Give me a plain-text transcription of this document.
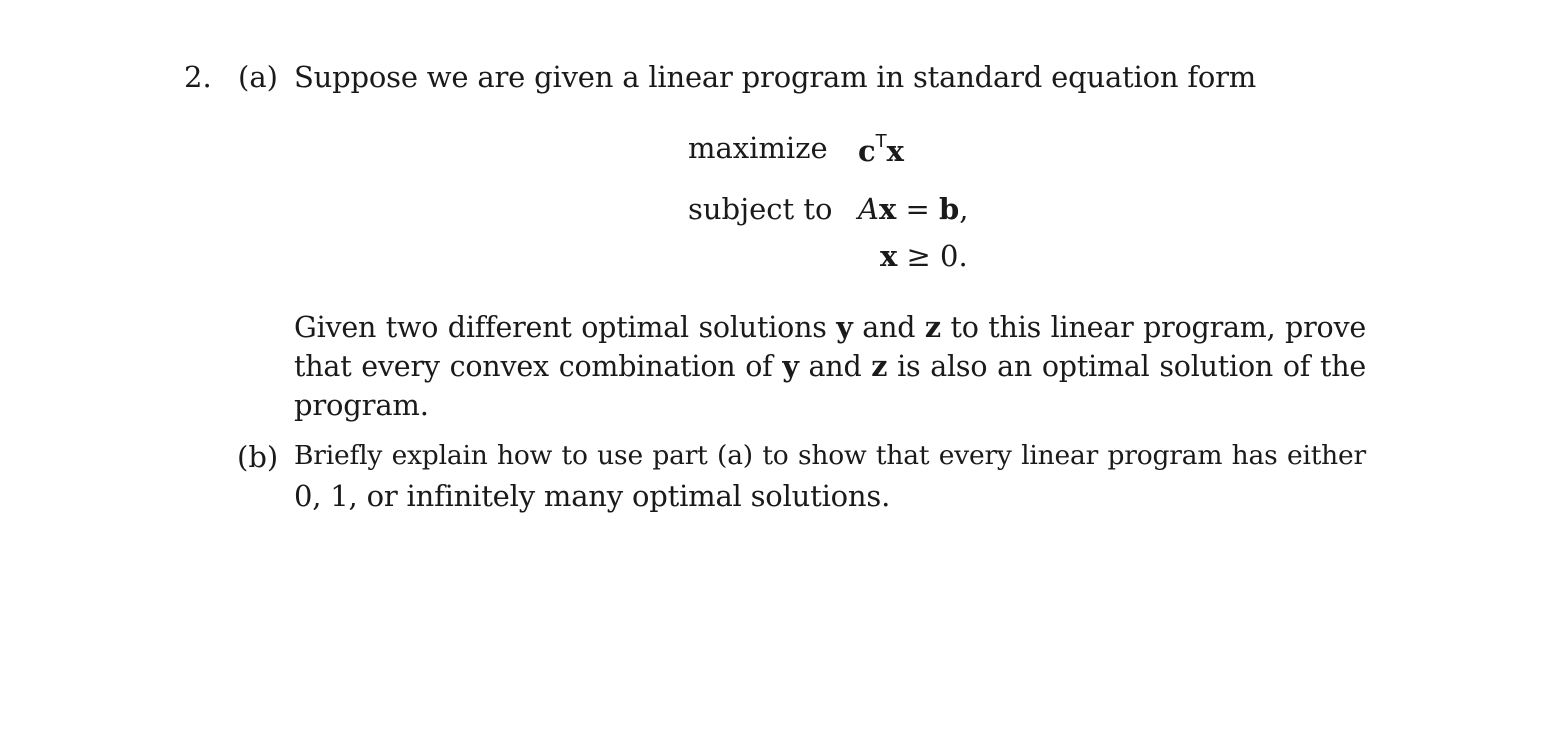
2. (a) Suppose we are given a linear program in standard equation form
maximize $c^Tx$
subject to Ax = b,
x ≥ 0.
Given two different optimal solutions y and z to this linear program, prove
that every convex combination of y and z is also an optimal solution of the
program.
(b) Briefly explain how to use part (a) to show that every linear program has either
0, 1, or infinitely many optimal solutions.
